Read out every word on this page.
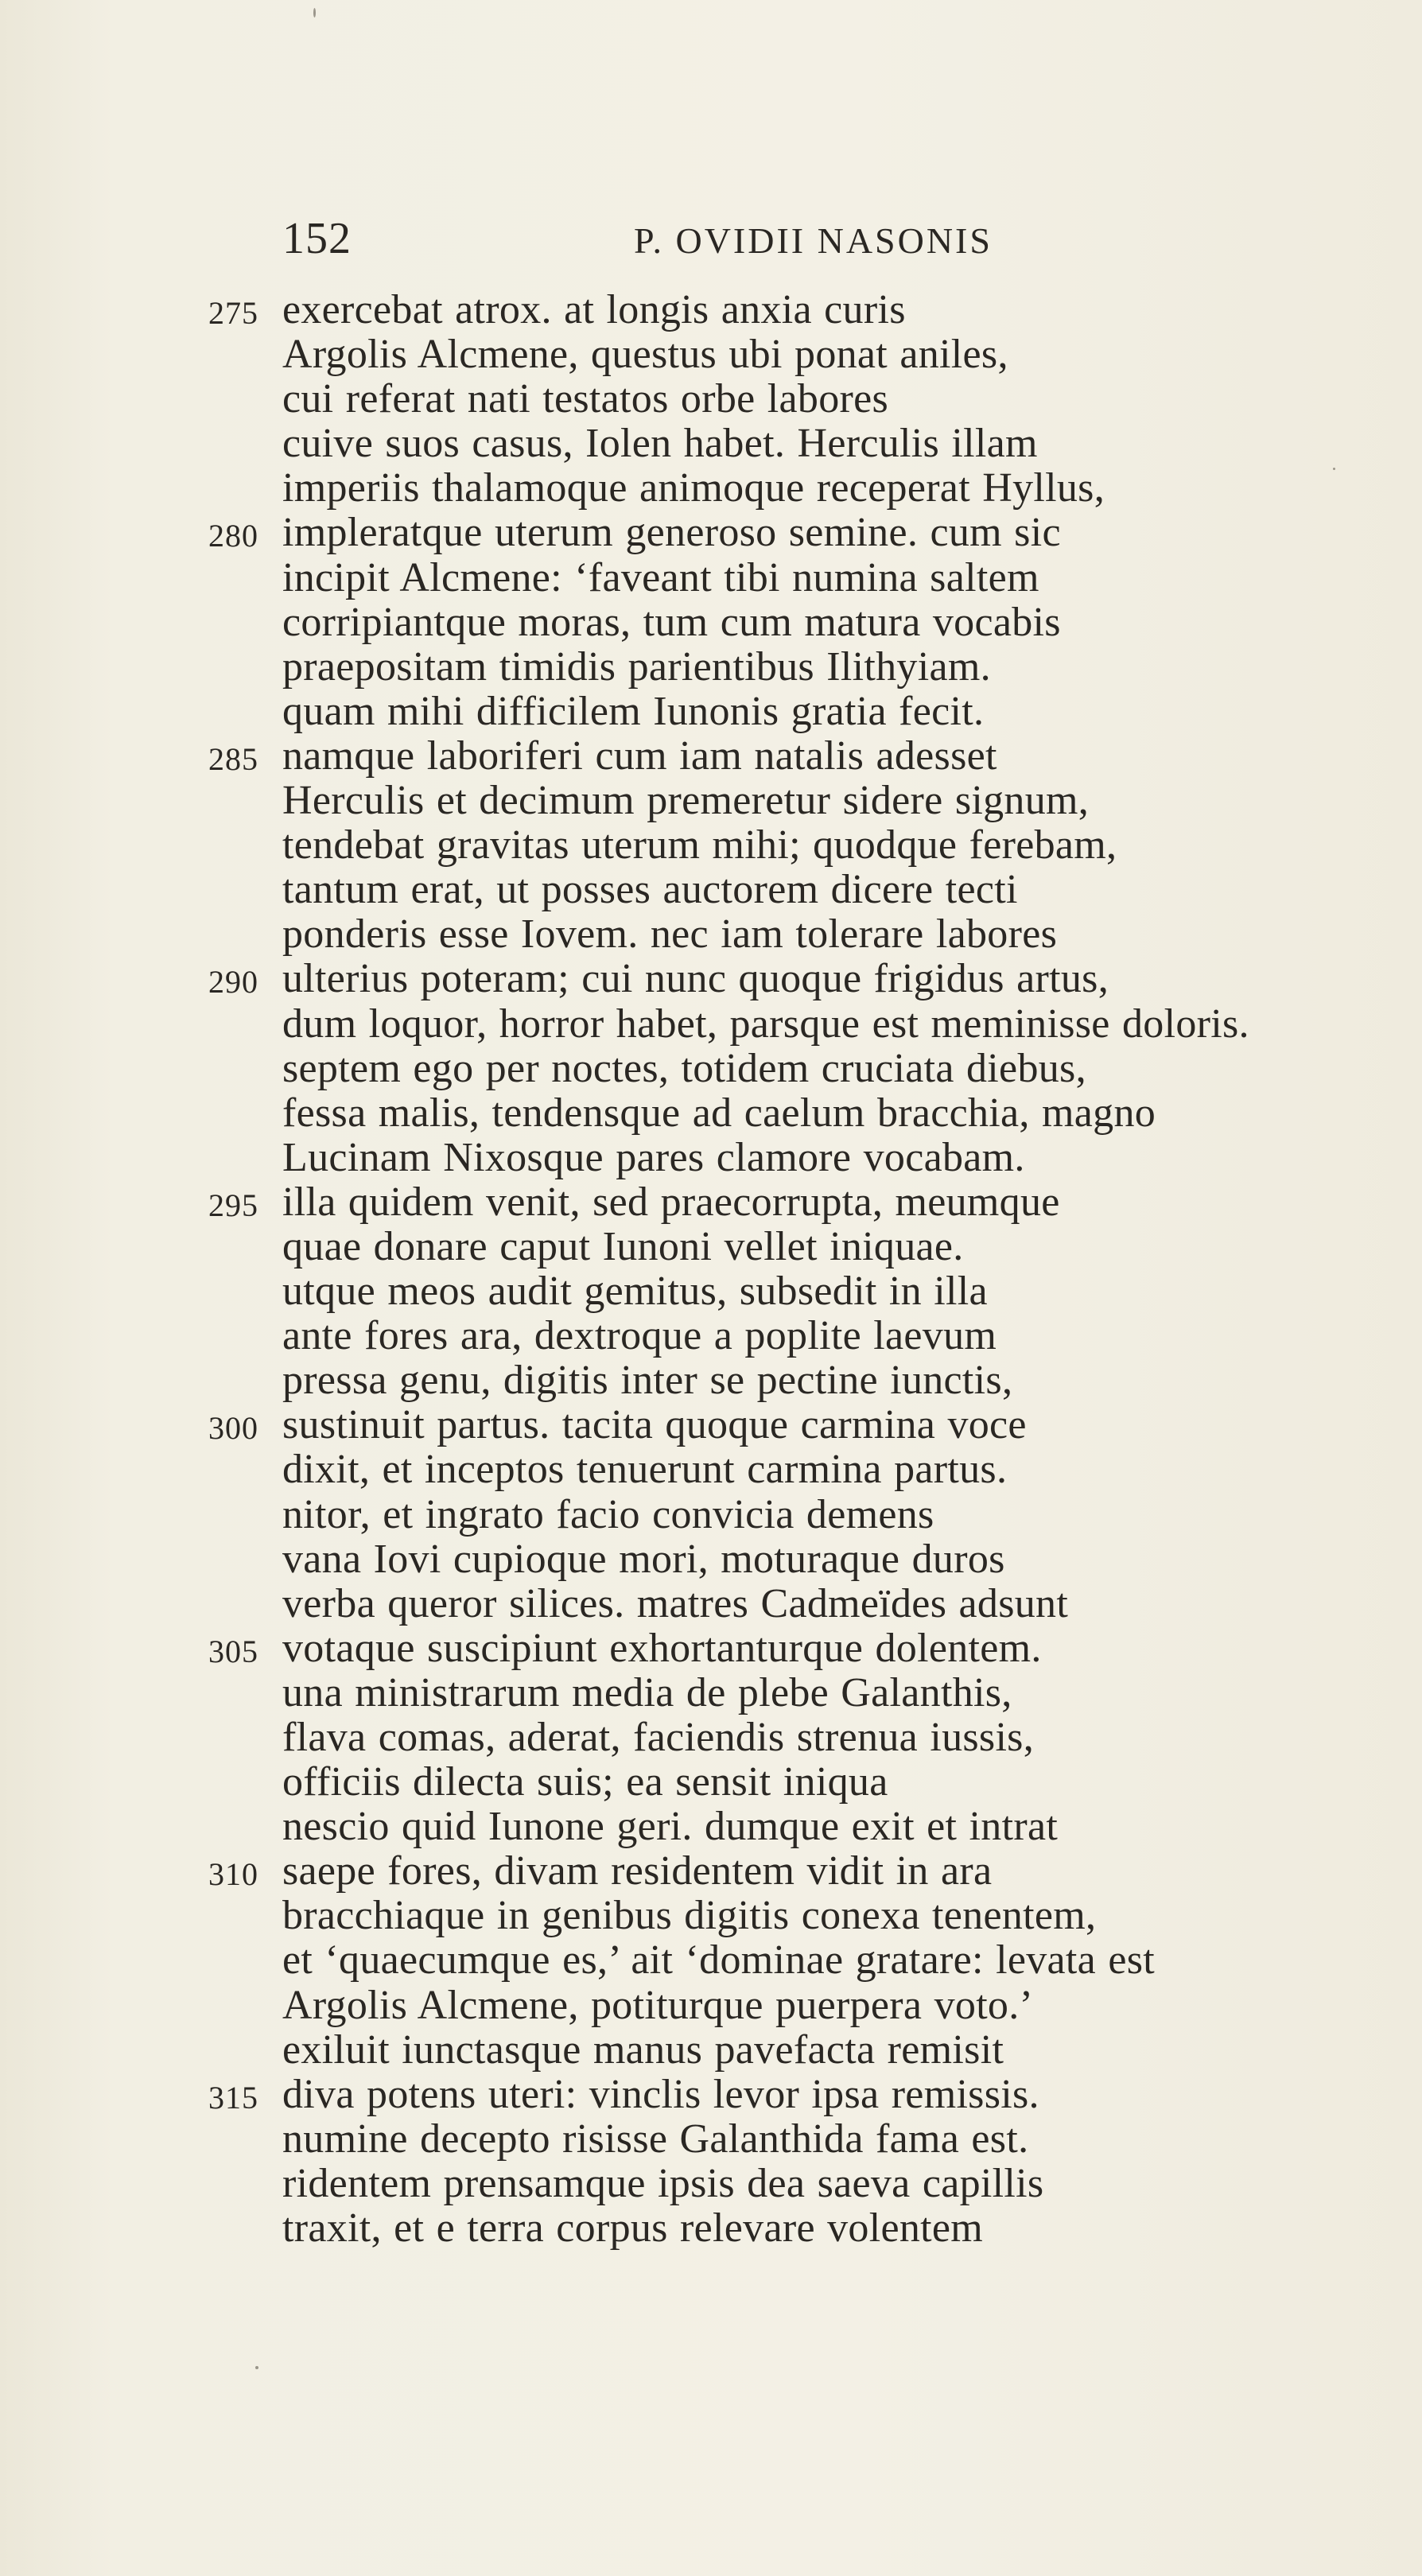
152	P. OVIDII NASONIS
275 exercebat atrox. at longis anxia curis
Argolis Alcmene, questus ubi ponat aniles,
cui referat nati testatos orbe labores
cuive suos casus, Iolen habet. Herculis illam
imperiis thalamoque animoque receperat Hyllus,
280 impleratque uterum generoso semine. cum sic
incipit Alcmene: ‘faveant tibi numina saltem
corripiantque moras, tum cum matura vocabis
praepositam timidis parientibus Ilithyiam.
quam mihi difficilem Iunonis gratia fecit.
285 namque laboriferi cum iam natalis adesset
Herculis et decimum premeretur sidere signum,
tendebat gravitas uterum mihi; quodque ferebam,
tantum erat, ut posses auctorem dicere tecti
ponderis esse Iovem. nec iam tolerare labores
290 ulterius poteram; cui nunc quoque frigidus artus,
dum loquor, horror habet, parsque est meminisse doloris.
septem ego per noctes, totidem cruciata diebus,
fessa malis, tendensque ad caelum bracchia, magno
Lucinam Nixosque pares clamore vocabam.
295 illa quidem venit, sed praecorrupta, meumque
quae donare caput Iunoni vellet iniquae.
utque meos audit gemitus, subsedit in illa
ante fores ara, dextroque a poplite laevum
pressa genu, digitis inter se pectine iunctis,
300 sustinuit partus. tacita quoque carmina voce
dixit, et inceptos tenuerunt carmina partus.
nitor, et ingrato facio convicia demens
vana Iovi cupioque mori, moturaque duros
verba queror silices. matres Cadmeïdes adsunt
305 votaque suscipiunt exhortanturque dolentem.
una ministrarum media de plebe Galanthis,
flava comas, aderat, faciendis strenua iussis,
officiis dilecta suis; ea sensit iniqua
nescio quid Iunone geri. dumque exit et intrat
310 saepe fores, divam residentem vidit in ara
bracchiaque in genibus digitis conexa tenentem,
et ‘quaecumque es,’ ait ‘dominae gratare: levata est
Argolis Alcmene, potiturque puerpera voto.’
exiluit iunctasque manus pavefacta remisit
315 diva potens uteri: vinclis levor ipsa remissis.
numine decepto risisse Galanthida fama est.
ridentem prensamque ipsis dea saeva capillis
traxit, et e terra corpus relevare volentem
